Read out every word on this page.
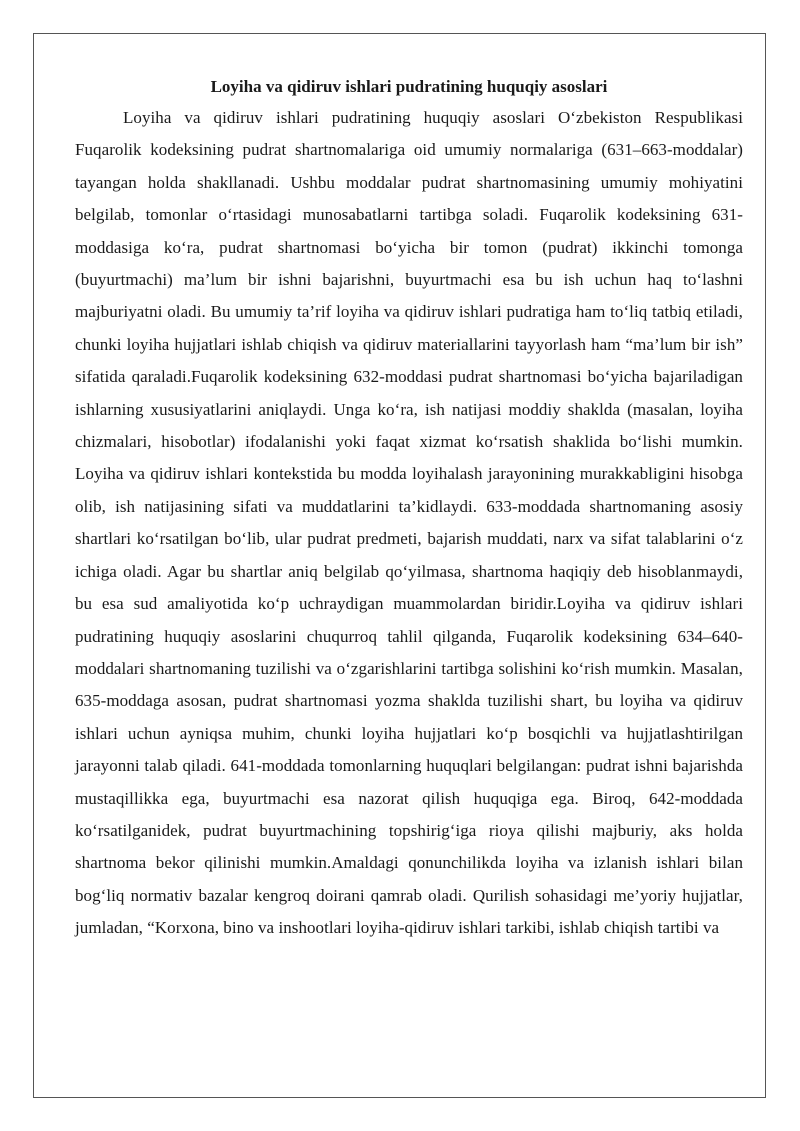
Loyiha va qidiruv ishlari pudratining huquqiy asoslari

Loyiha va qidiruv ishlari pudratining huquqiy asoslari O‘zbekiston Respublikasi Fuqarolik kodeksining pudrat shartnomalariga oid umumiy normalariga (631–663-moddalar) tayangan holda shakllanadi. Ushbu moddalar pudrat shartnomasining umumiy mohiyatini belgilab, tomonlar o‘rtasidagi munosabatlarni tartibga soladi. Fuqarolik kodeksining 631-moddasiga ko‘ra, pudrat shartnomasi bo‘yicha bir tomon (pudrat) ikkinchi tomonga (buyurtmachi) ma’lum bir ishni bajarishni, buyurtmachi esa bu ish uchun haq to‘lashni majburiyatni oladi. Bu umumiy ta’rif loyiha va qidiruv ishlari pudratiga ham to‘liq tatbiq etiladi, chunki loyiha hujjatlari ishlab chiqish va qidiruv materiallarini tayyorlash ham “ma’lum bir ish” sifatida qaraladi.Fuqarolik kodeksining 632-moddasi pudrat shartnomasi bo‘yicha bajariladigan ishlarning xususiyatlarini aniqlaydi. Unga ko‘ra, ish natijasi moddiy shaklda (masalan, loyiha chizmalari, hisobotlar) ifodalanishi yoki faqat xizmat ko‘rsatish shaklida bo‘lishi mumkin. Loyiha va qidiruv ishlari kontekstida bu modda loyihalash jarayonining murakkabligini hisobga olib, ish natijasining sifati va muddatlarini ta’kidlaydi. 633-moddada shartnomaning asosiy shartlari ko‘rsatilgan bo‘lib, ular pudrat predmeti, bajarish muddati, narx va sifat talablarini o‘z ichiga oladi. Agar bu shartlar aniq belgilab qo‘yilmasa, shartnoma haqiqiy deb hisoblanmaydi, bu esa sud amaliyotida ko‘p uchraydigan muammolardan biridir.Loyiha va qidiruv ishlari pudratining huquqiy asoslarini chuqurroq tahlil qilganda, Fuqarolik kodeksining 634–640-moddalari shartnomaning tuzilishi va o‘zgarishlarini tartibga solishini ko‘rish mumkin. Masalan, 635-moddaga asosan, pudrat shartnomasi yozma shaklda tuzilishi shart, bu loyiha va qidiruv ishlari uchun ayniqsa muhim, chunki loyiha hujjatlari ko‘p bosqichli va hujjatlashtirilgan jarayonni talab qiladi. 641-moddada tomonlarning huquqlari belgilangan: pudrat ishni bajarishda mustaqillikka ega, buyurtmachi esa nazorat qilish huquqiga ega. Biroq, 642-moddada ko‘rsatilganidek, pudrat buyurtmachining topshirig‘iga rioya qilishi majburiy, aks holda shartnoma bekor qilinishi mumkin.Amaldagi qonunchilikda loyiha va izlanish ishlari bilan bog‘liq normativ bazalar kengroq doirani qamrab oladi. Qurilish sohasidagi me’yoriy hujjatlar, jumladan, “Korxona, bino va inshootlari loyiha-qidiruv ishlari tarkibi, ishlab chiqish tartibi va
